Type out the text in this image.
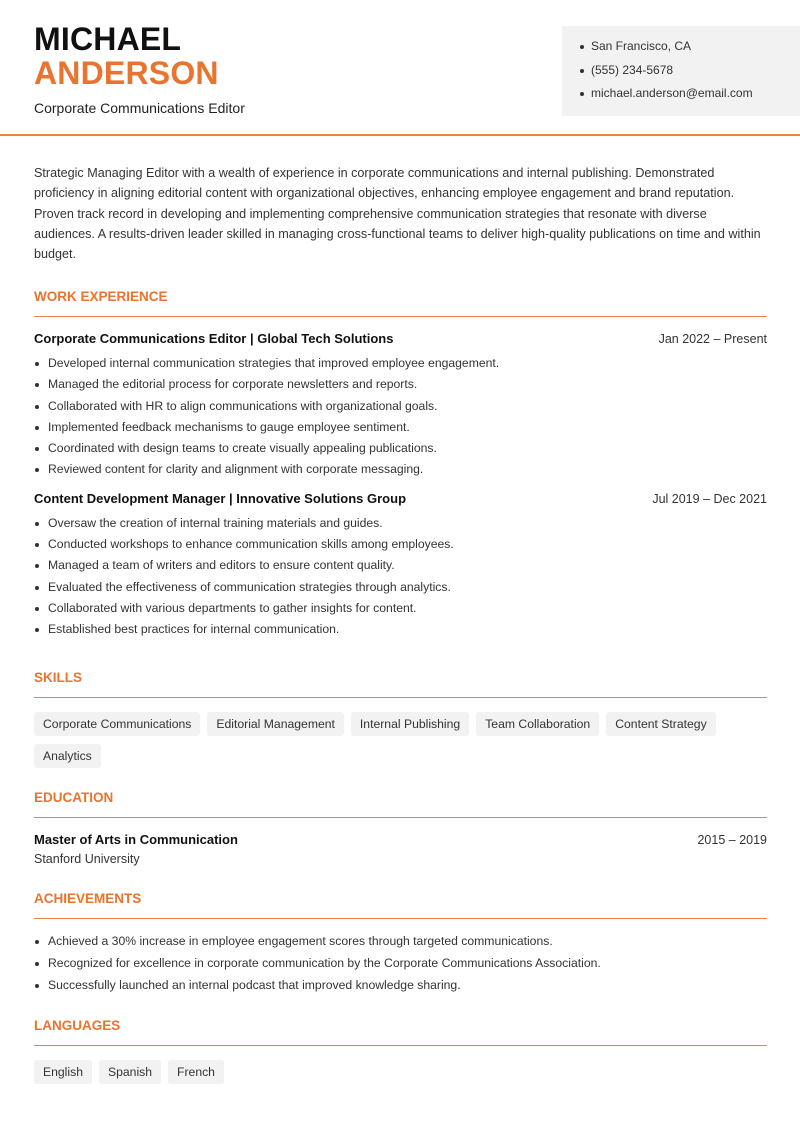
MICHAEL
ANDERSON
Corporate Communications Editor
San Francisco, CA
(555) 234-5678
michael.anderson@email.com

Strategic Managing Editor with a wealth of experience in corporate communications and internal publishing. Demonstrated proficiency in aligning editorial content with organizational objectives, enhancing employee engagement and brand reputation. Proven track record in developing and implementing comprehensive communication strategies that resonate with diverse audiences. A results-driven leader skilled in managing cross-functional teams to deliver high-quality publications on time and within budget.

WORK EXPERIENCE
Corporate Communications Editor | Global Tech Solutions	Jan 2022 – Present
Developed internal communication strategies that improved employee engagement.
Managed the editorial process for corporate newsletters and reports.
Collaborated with HR to align communications with organizational goals.
Implemented feedback mechanisms to gauge employee sentiment.
Coordinated with design teams to create visually appealing publications.
Reviewed content for clarity and alignment with corporate messaging.
Content Development Manager | Innovative Solutions Group	Jul 2019 – Dec 2021
Oversaw the creation of internal training materials and guides.
Conducted workshops to enhance communication skills among employees.
Managed a team of writers and editors to ensure content quality.
Evaluated the effectiveness of communication strategies through analytics.
Collaborated with various departments to gather insights for content.
Established best practices for internal communication.
SKILLS
Corporate Communications	Editorial Management	Internal Publishing	Team Collaboration	Content Strategy
Analytics
EDUCATION
Master of Arts in Communication	2015 – 2019
Stanford University
ACHIEVEMENTS
Achieved a 30% increase in employee engagement scores through targeted communications.
Recognized for excellence in corporate communication by the Corporate Communications Association.
Successfully launched an internal podcast that improved knowledge sharing.
LANGUAGES
English	Spanish	French
